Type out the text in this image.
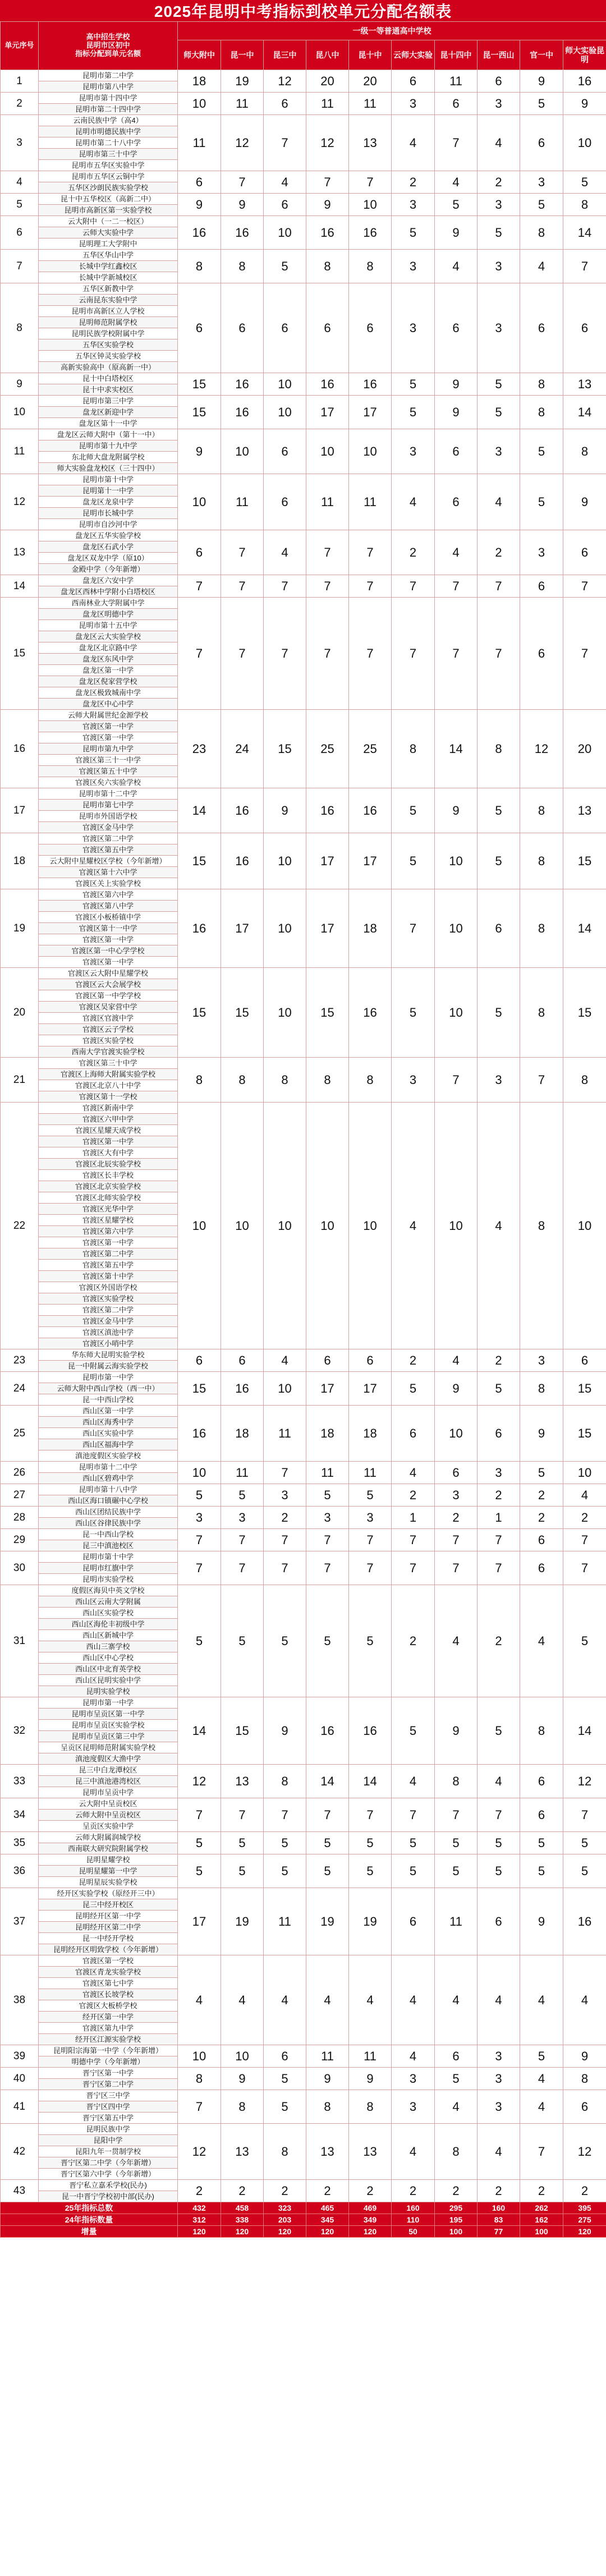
2025年昆明中考指标到校单元分配名额表
单元序号	高中招生学校
昆明市区初中
指标分配到单元名额	一级一等普通高中学校									
		师大附中	昆一中	昆三中	昆八中	昆十中	云师大实验	昆十四中	昆一西山	官一中	师大实验昆明
1	昆明市第二中学	18	19	12	20	20	6	11	6	9	16
	昆明市第八中学										
2	昆明市第十四中学	10	11	6	11	11	3	6	3	5	9
	昆明市第二十四中学										
3	云南民族中学（高4）	11	12	7	12	13	4	7	4	6	10
	昆明市明德民族中学										
	昆明市第二十八中学										
	昆明市第三十中学										
	昆明市五华区实验中学										
4	昆明市五华区云铜中学	6	7	4	7	7	2	4	2	3	5
	五华区沙朗民族实验学校										
5	昆十中五华校区（高新二中）	9	9	6	9	10	3	5	3	5	8
	昆明市高新区第一实验学校										
6	云大附中（一二一校区）	16	16	10	16	16	5	9	5	8	14
	云师大实验中学										
	昆明理工大学附中										
7	五华区华山中学	8	8	5	8	8	3	4	3	4	7
	长城中学红鑫校区										
	长城中学新城校区										
8	五华区新教中学	6	6	6	6	6	3	6	3	6	6
	云南昆东实验中学										
	昆明市高新区立人学校										
	昆明师范附属学校										
	昆明民族学校附属中学										
	五华区实验学校										
	五华区钟灵实验学校										
	高新实验高中（原高新一中）										
9	昆十中白塔校区	15	16	10	16	16	5	9	5	8	13
	昆十中求实校区										
10	昆明市第三中学	15	16	10	17	17	5	9	5	8	14
	盘龙区新迎中学										
	盘龙区第十一中学										
11	盘龙区云师大附中（第十一中）	9	10	6	10	10	3	6	3	5	8
	昆明市第十九中学										
	东北师大盘龙附属学校										
	师大实验盘龙校区（三十四中）										
12	昆明市第十中学	10	11	6	11	11	4	6	4	5	9
	昆明第十一中学										
	盘龙区龙泉中学										
	昆明市长城中学										
	昆明市自沙河中学										
13	盘龙区五华实验学校	6	7	4	7	7	2	4	2	3	6
	盘龙区石武小学										
	盘龙区双龙中学（原10）										
	金殿中学（今年新增）										
14	盘龙区六安中学	7	7	7	7	7	7	7	7	6	7
	盘龙区西林中学附小白塔校区										
15	西南林业大学附属中学	7	7	7	7	7	7	7	7	6	7
	盘龙区明德中学										
	昆明市第十五中学										
	盘龙区云大实验学校										
	盘龙区北京路中学										
	盘龙区东风中学										
	盘龙区第一中学										
	盘龙区倪家营学校										
	盘龙区极致城南中学										
	盘龙区中心中学										
16	云师大附属世纪金源学校	23	24	15	25	25	8	14	8	12	20
	官渡区第一中学										
	官渡区第一中学										
	昆明市第九中学										
	官渡区第三十一中学										
	官渡区第五十中学										
	官渡区矣六实验学校										
17	昆明市第十二中学	14	16	9	16	16	5	9	5	8	13
	昆明市第七中学										
	昆明市外国语学校										
	官渡区金马中学										
18	官渡区第二中学	15	16	10	17	17	5	10	5	8	15
	官渡区第五中学										
	云大附中星耀校区学校（今年新增）										
	官渡区第十六中学										
	官渡区关上实验学校										
19	官渡区第六中学	16	17	10	17	18	7	10	6	8	14
	官渡区第八中学										
	官渡区小板桥镇中学										
	官渡区第十一中学										
	官渡区第一中学										
	官渡区第一中心学学校										
	官渡区第一中学										
20	官渡区云大附中星耀学校	15	15	10	15	16	5	10	5	8	15
	官渡区云大会展学校										
	官渡区第一中学学校										
	官渡区吴家营中学										
	官渡区官渡中学										
	官渡区云子学校										
	官渡区实验学校										
	西南大学官渡实验学校										
21	官渡区第三十中学	8	8	8	8	8	3	7	3	7	8
	官渡区上海师大附属实验学校										
	官渡区北京八十中学										
	官渡区第十一学校										
22	官渡区新南中学	10	10	10	10	10	4	10	4	8	10
	官渡区六甲中学										
	官渡区星耀天成学校										
	官渡区第一中学										
	官渡区大有中学										
	官渡区北辰实验学校										
	官渡区长丰学校										
	官渡区北京实验学校										
	官渡区北师实验学校										
	官渡区光华中学										
	官渡区星耀学校										
	官渡区第六中学										
	官渡区第一中学										
	官渡区第二中学										
	官渡区第五中学										
	官渡区第十中学										
	官渡区外国语学校										
	官渡区实验学校										
	官渡区第二中学										
	官渡区金马中学										
	官渡区滇池中学										
	官渡区小哨中学										
23	华东师大昆明实验学校	6	6	4	6	6	2	4	2	3	6
	昆一中附属云海实验学校										
24	昆明市第一中学	15	16	10	17	17	5	9	5	8	15
	云师大附中西山学校（西一中）										
	昆一中西山学校										
25	西山区第一中学	16	18	11	18	18	6	10	6	9	15
	西山区海秀中学										
	西山区实验中学										
	西山区福海中学										
	滇池度假区实验学校										
26	昆明市第十二中学	10	11	7	11	11	4	6	3	5	10
	西山区碧鸡中学										
27	昆明市第十八中学	5	5	3	5	5	2	3	2	2	4
	西山区海口镇碾中心学校										
28	西山区团结民族中学	3	3	2	3	3	1	2	1	2	2
	西山区谷律民族中学										
29	昆一中西山学校	7	7	7	7	7	7	7	7	6	7
	昆三中滇池校区										
30	昆明市第十中学	7	7	7	7	7	7	7	7	6	7
	昆明市红旗中学										
	昆明市实验学校										
31	度假区海贝中英文学校	5	5	5	5	5	2	4	2	4	5
	西山区云南大学附属										
	西山区实验学校										
	西山区海伦丰初级中学										
	西山区新城中学										
	西山三寨学校										
	西山区中心学校										
	西山区中北育英学校										
	西山区昆明实验中学										
	昆明实验学校										
32	昆明市第一中学	14	15	9	16	16	5	9	5	8	14
	昆明市呈贡区第一中学										
	昆明市呈贡区实验学校										
	昆明市呈贡区第三中学										
	呈贡区昆明师范附属实验学校										
	滇池度假区大渔中学										
33	昆三中白龙潭校区	12	13	8	14	14	4	8	4	6	12
	昆三中滇池港湾校区										
	昆明市呈贡中学										
34	云大附中呈贡校区	7	7	7	7	7	7	7	7	6	7
	云师大附中呈贡校区										
	呈贡区实验中学										
35	云师大附属润城学校	5	5	5	5	5	5	5	5	5	5
	西南联大研究院附属学校										
36	昆明星耀学校	5	5	5	5	5	5	5	5	5	5
	昆明星耀第一中学										
	昆明星辰实验学校										
37	经开区实验学校（原经开三中）	17	19	11	19	19	6	11	6	9	16
	昆三中经开校区										
	昆明经开区第一中学										
	昆明经开区第二中学										
	昆一中经开学校										
	昆明经开区明致学校（今年新增）										
38	官渡区第一学校	4	4	4	4	4	4	4	4	4	4
	官渡区青龙实验学校										
	官渡区第七中学										
	官渡区长坡学校										
	官渡区大板桥学校										
	经开区第一中学										
	官渡区第九中学										
	经开区江源实验学校										
39	昆明阳宗海第一中学（今年新增）	10	10	6	11	11	4	6	3	5	9
	明德中学（今年新增）										
40	晋宁区第一中学	8	9	5	9	9	3	5	3	4	8
	晋宁区第二中学										
41	晋宁区三中学	7	8	5	8	8	3	4	3	4	6
	晋宁区四中学										
	晋宁区第五中学										
42	昆明民族中学	12	13	8	13	13	4	8	4	7	12
	昆阳中学										
	昆阳九年一贯制学校										
	晋宁区第二中学（今年新增）										
	晋宁区第六中学（今年新增）										
43	晋宁私立嘉禾学校(民办)	2	2	2	2	2	2	2	2	2	2
	昆一中晋宁学校初中部(民办)										
25年指标总数		432	458	323	465	469	160	295	160	262	395
24年指标数量		312	338	203	345	349	110	195	83	162	275
增量		120	120	120	120	120	50	100	77	100	120
